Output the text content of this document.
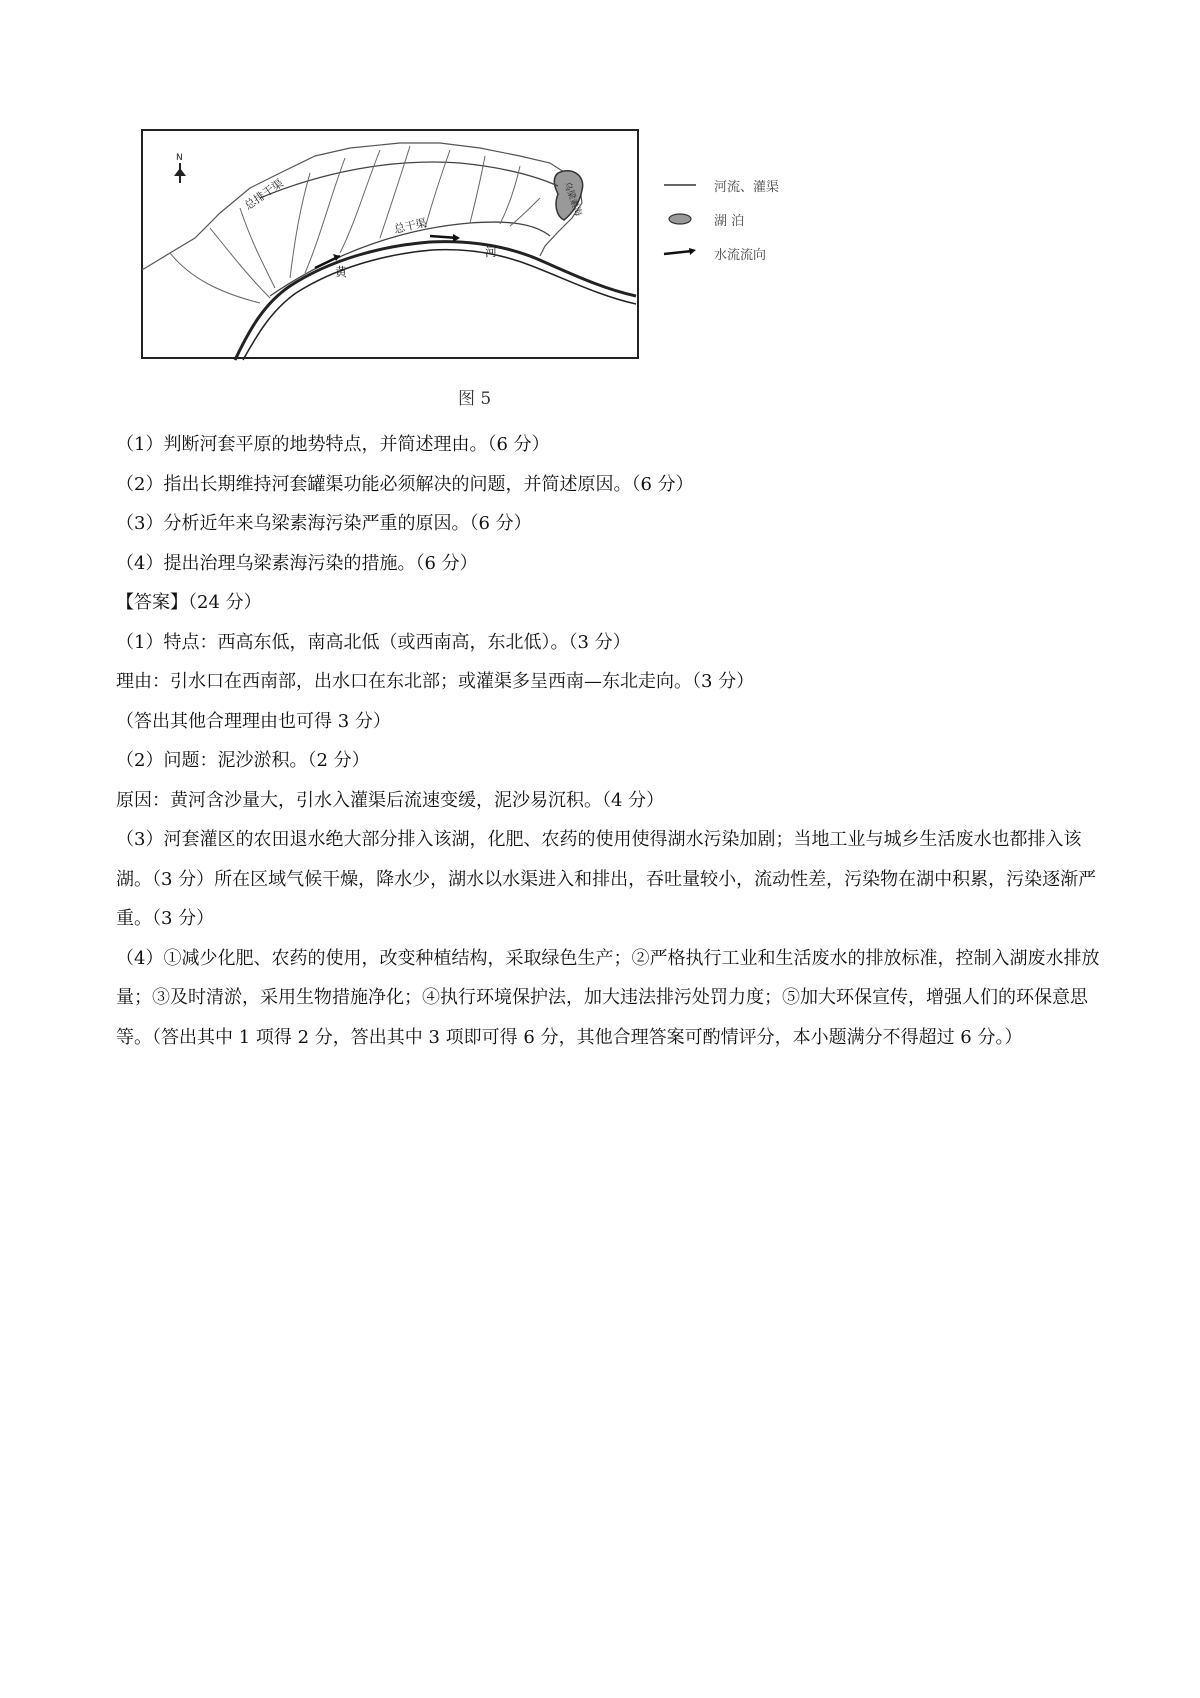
N
总排干渠
总干渠
乌梁素海
黄
河
河流、灌渠
湖 泊
水流流向
图 5

（1）判断河套平原的地势特点，并简述理由。（6 分）

（2）指出长期维持河套罐渠功能必须解决的问题，并简述原因。（6 分）

（3）分析近年来乌梁素海污染严重的原因。（6 分）

（4）提出治理乌梁素海污染的措施。（6 分）

【答案】（24 分）

（1）特点：西高东低，南高北低（或西南高，东北低）。（3 分）

理由：引水口在西南部，出水口在东北部；或灌渠多呈西南—东北走向。（3 分）

（答出其他合理理由也可得 3 分）

（2）问题：泥沙淤积。（2 分）

原因：黄河含沙量大，引水入灌渠后流速变缓，泥沙易沉积。（4 分）

（3）河套灌区的农田退水绝大部分排入该湖，化肥、农药的使用使得湖水污染加剧；当地工业与城乡生活废水也都排入该湖。（3 分）所在区域气候干燥，降水少，湖水以水渠进入和排出，吞吐量较小，流动性差，污染物在湖中积累，污染逐渐严重。（3 分）

（4）①减少化肥、农药的使用，改变种植结构，采取绿色生产；②严格执行工业和生活废水的排放标准，控制入湖废水排放量；③及时清淤，采用生物措施净化；④执行环境保护法，加大违法排污处罚力度；⑤加大环保宣传，增强人们的环保意思等。（答出其中 1 项得 2 分，答出其中 3 项即可得 6 分，其他合理答案可酌情评分，本小题满分不得超过 6 分。）
